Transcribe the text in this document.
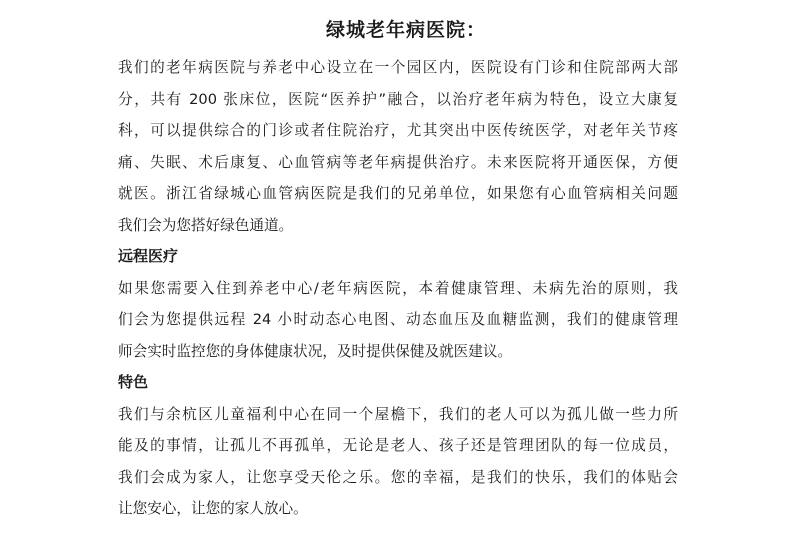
绿城老年病医院：

我们的老年病医院与养老中心设立在一个园区内，医院设有门诊和住院部两大部
分，共有 200 张床位，医院“医养护”融合，以治疗老年病为特色，设立大康复
科，可以提供综合的门诊或者住院治疗，尤其突出中医传统医学，对老年关节疼
痛、失眠、术后康复、心血管病等老年病提供治疗。未来医院将开通医保，方便
就医。浙江省绿城心血管病医院是我们的兄弟单位，如果您有心血管病相关问题
我们会为您搭好绿色通道。

远程医疗

如果您需要入住到养老中心/老年病医院，本着健康管理、未病先治的原则，我
们会为您提供远程 24 小时动态心电图、动态血压及血糖监测，我们的健康管理
师会实时监控您的身体健康状况，及时提供保健及就医建议。

特色

我们与余杭区儿童福利中心在同一个屋檐下，我们的老人可以为孤儿做一些力所
能及的事情，让孤儿不再孤单，无论是老人、孩子还是管理团队的每一位成员，
我们会成为家人，让您享受天伦之乐。您的幸福，是我们的快乐，我们的体贴会
让您安心，让您的家人放心。
